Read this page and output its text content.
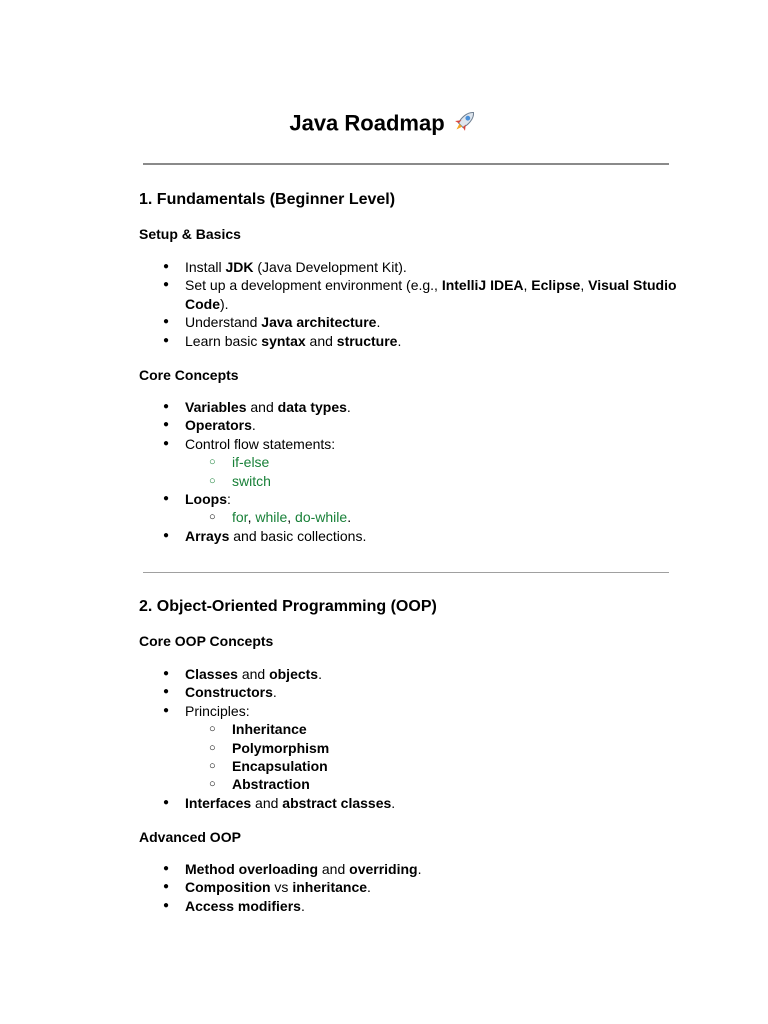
Java Roadmap
1. Fundamentals (Beginner Level)
Setup & Basics
● Install JDK (Java Development Kit).
● Set up a development environment (e.g., IntelliJ IDEA, Eclipse, Visual Studio Code).
● Understand Java architecture.
● Learn basic syntax and structure.
Core Concepts
● Variables and data types.
● Operators.
● Control flow statements:
○ if-else
○ switch
● Loops:
○ for, while, do-while.
● Arrays and basic collections.
2. Object-Oriented Programming (OOP)
Core OOP Concepts
● Classes and objects.
● Constructors.
● Principles:
○ Inheritance
○ Polymorphism
○ Encapsulation
○ Abstraction
● Interfaces and abstract classes.
Advanced OOP
● Method overloading and overriding.
● Composition vs inheritance.
● Access modifiers.
